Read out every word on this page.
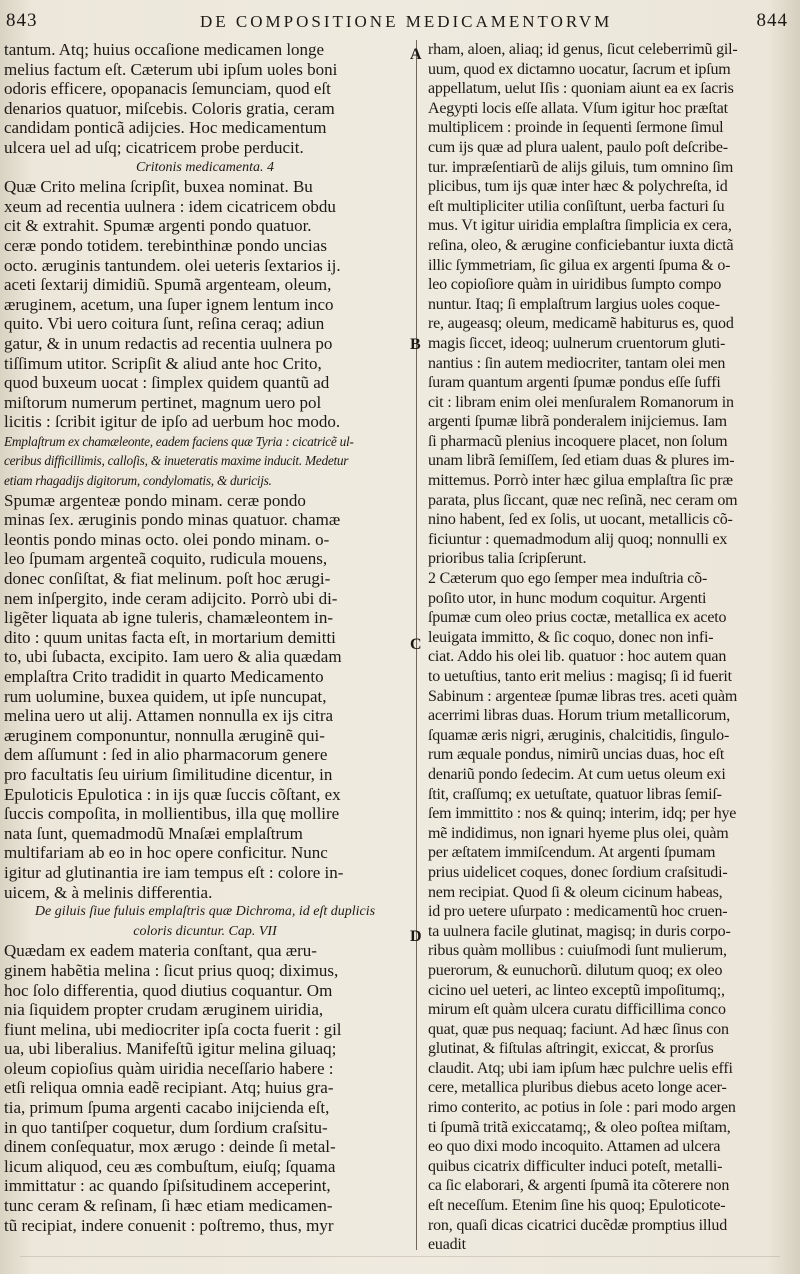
843	DE COMPOSITIONE MEDICAMENTORVM	844
A
B
C
D
tantum. Atq; huius occaſione medicamen longe
melius factum eſt. Cæterum ubi ipſum uoles boni
odoris efficere, opopanacis ſemunciam, quod eſt
denarios quatuor, miſcebis. Coloris gratia, ceram
candidam ponticã adijcies. Hoc medicamentum
ulcera uel ad uſq; cicatricem probe perducit.
Critonis medicamenta. 4
Quæ Crito melina ſcripſit, buxea nominat. Bu
xeum ad recentia uulnera : idem cicatricem obdu
cit & extrahit. Spumæ argenti pondo quatuor.
ceræ pondo totidem. terebinthinæ pondo uncias
octo. æruginis tantundem. olei ueteris ſextarios ij.
aceti ſextarij dimidiũ. Spumã argenteam, oleum,
æruginem, acetum, una ſuper ignem lentum inco
quito. Vbi uero coitura ſunt, reſina ceraq; adiun
gatur, & in unum redactis ad recentia uulnera po
tiſſimum utitor. Scripſit & aliud ante hoc Crito,
quod buxeum uocat : ſimplex quidem quantũ ad
miſtorum numerum pertinet, magnum uero pol
licitis : ſcribit igitur de ipſo ad uerbum hoc modo.
Emplaſtrum ex chamæleonte, eadem faciens quæ Tyria : cicatricẽ ul-
ceribus difficillimis, calloſis, & inueteratis maxime inducit. Medetur
etiam rhagadijs digitorum, condylomatis, & duricijs.
Spumæ argenteæ pondo minam. ceræ pondo
minas ſex. æruginis pondo minas quatuor. chamæ
leontis pondo minas octo. olei pondo minam. o-
leo ſpumam argenteã coquito, rudicula mouens,
donec conſiſtat, & fiat melinum. poſt hoc ærugi-
nem inſpergito, inde ceram adijcito. Porrò ubi di-
ligẽter liquata ab igne tuleris, chamæleontem in-
dito : quum unitas facta eſt, in mortarium demitti
to, ubi ſubacta, excipito. Iam uero & alia quædam
emplaſtra Crito tradidit in quarto Medicamento
rum uolumine, buxea quidem, ut ipſe nuncupat,
melina uero ut alij. Attamen nonnulla ex ijs citra
æruginem componuntur, nonnulla æruginẽ qui-
dem aſſumunt : ſed in alio pharmacorum genere
pro facultatis ſeu uirium ſimilitudine dicentur, in
Epuloticis Epulotica : in ijs quæ ſuccis cõſtant, ex
ſuccis compoſita, in mollientibus, illa quę mollire
nata ſunt, quemadmodũ Mnaſæi emplaſtrum
multifariam ab eo in hoc opere conficitur. Nunc
igitur ad glutinantia ire iam tempus eſt : colore in-
uicem, & à melinis differentia.
De giluis ſiue fuluis emplaſtris quæ Dichroma, id eſt duplicis
coloris dicuntur. Cap. VII
Quædam ex eadem materia conſtant, qua æru-
ginem habẽtia melina : ſicut prius quoq; diximus,
hoc ſolo differentia, quod diutius coquantur. Om
nia ſiquidem propter crudam æruginem uiridia,
fiunt melina, ubi mediocriter ipſa cocta fuerit : gil
ua, ubi liberalius. Manifeſtũ igitur melina giluaq;
oleum copioſius quàm uiridia neceſſario habere :
etſi reliqua omnia eadẽ recipiant. Atq; huius gra-
tia, primum ſpuma argenti cacabo inijcienda eſt,
in quo tantiſper coquetur, dum ſordium craſsitu-
dinem conſequatur, mox ærugo : deinde ſi metal-
licum aliquod, ceu æs combuſtum, eiuſq; ſquama
immittatur : ac quando ſpiſsitudinem acceperint,
tunc ceram & reſinam, ſi hæc etiam medicamen-
tũ recipiat, indere conuenit : poſtremo, thus, myr
rham, aloen, aliaq; id genus, ſicut celeberrimũ gil-
uum, quod ex dictamno uocatur, ſacrum et ipſum
appellatum, uelut Iſis : quoniam aiunt ea ex ſacris
Aegypti locis eſſe allata. Vſum igitur hoc præſtat
multiplicem : proinde in ſequenti ſermone ſimul
cum ijs quæ ad plura ualent, paulo poſt deſcribe-
tur. impræſentiarũ de alijs giluis, tum omnino ſim
plicibus, tum ijs quæ inter hæc & polychreſta, id
eſt multipliciter utilia conſiſtunt, uerba facturi ſu
mus. Vt igitur uiridia emplaſtra ſimplicia ex cera,
reſina, oleo, & ærugine conficiebantur iuxta dictã
illic ſymmetriam, ſic gilua ex argenti ſpuma & o-
leo copioſiore quàm in uiridibus ſumpto compo
nuntur. Itaq; ſi emplaſtrum largius uoles coque-
re, augeasq; oleum, medicamẽ habiturus es, quod
magis ſiccet, ideoq; uulnerum cruentorum gluti-
nantius : ſin autem mediocriter, tantam olei men
ſuram quantum argenti ſpumæ pondus eſſe ſuffi
cit : libram enim olei menſuralem Romanorum in
argenti ſpumæ librã ponderalem inijciemus. Iam
ſi pharmacũ plenius incoquere placet, non ſolum
unam librã ſemiſſem, ſed etiam duas & plures im-
mittemus. Porrò inter hæc gilua emplaſtra ſic præ
parata, plus ſiccant, quæ nec reſinã, nec ceram om
nino habent, ſed ex ſolis, ut uocant, metallicis cõ-
ficiuntur : quemadmodum alij quoq; nonnulli ex
prioribus talia ſcripſerunt.
2 Cæterum quo ego ſemper mea induſtria cõ-
poſito utor, in hunc modum coquitur. Argenti
ſpumæ cum oleo prius coctæ, metallica ex aceto
leuigata immitto, & ſic coquo, donec non infi-
ciat. Addo his olei lib. quatuor : hoc autem quan
to uetuſtius, tanto erit melius : magisq; ſi id fuerit
Sabinum : argenteæ ſpumæ libras tres. aceti quàm
acerrimi libras duas. Horum trium metallicorum,
ſquamæ æris nigri, æruginis, chalcitidis, ſingulo-
rum æquale pondus, nimirũ uncias duas, hoc eſt
denariũ pondo ſedecim. At cum uetus oleum exi
ſtit, craſſumq; ex uetuſtate, quatuor libras ſemiſ-
ſem immittito : nos & quinq; interim, idq; per hye
mẽ indidimus, non ignari hyeme plus olei, quàm
per æſtatem immiſcendum. At argenti ſpumam
prius uidelicet coques, donec ſordium craſsitudi-
nem recipiat. Quod ſi & oleum cicinum habeas,
id pro uetere uſurpato : medicamentũ hoc cruen-
ta uulnera facile glutinat, magisq; in duris corpo-
ribus quàm mollibus : cuiuſmodi ſunt mulierum,
puerorum, & eunuchorũ. dilutum quoq; ex oleo
cicino uel ueteri, ac linteo exceptũ impoſitumq;,
mirum eſt quàm ulcera curatu difficillima conco
quat, quæ pus nequaq; faciunt. Ad hæc ſinus con
glutinat, & fiſtulas aſtringit, exiccat, & prorſus
claudit. Atq; ubi iam ipſum hæc pulchre uelis effi
cere, metallica pluribus diebus aceto longe acer-
rimo conterito, ac potius in ſole : pari modo argen
ti ſpumã tritã exiccatamq;, & oleo poſtea miſtam,
eo quo dixi modo incoquito. Attamen ad ulcera
quibus cicatrix difficulter induci poteſt, metalli-
ca ſic elaborari, & argenti ſpumã ita cõterere non
eſt neceſſum. Etenim ſine his quoq; Epuloticote-
ron, quaſi dicas cicatrici ducẽdæ promptius illud
euadit
